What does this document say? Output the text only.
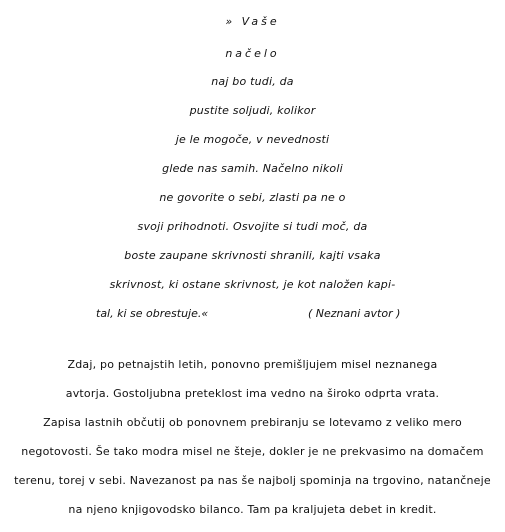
» Vaše
načelo
naj bo tudi, da
pustite soljudi, kolikor
je le mogoče, v nevednosti
glede nas samih. Načelno nikoli
ne govorite o sebi, zlasti pa ne o
svoji prihodnoti. Osvojite si tudi moč, da
boste zaupane skrivnosti shranili, kajti vsaka
skrivnost, ki ostane skrivnost, je kot naložen kapi-
tal, ki se obrestuje.«	( Neznani avtor )
Zdaj, po petnajstih letih, ponovno premišljujem misel neznanega
avtorja. Gostoljubna preteklost ima vedno na široko odprta vrata.
Zapisa lastnih občutij ob ponovnem prebiranju se lotevamo z veliko mero
negotovosti. Še tako modra misel ne šteje, dokler je ne prekvasimo na domačem
terenu, torej v sebi. Navezanost pa nas še najbolj spominja na trgovino, natančneje
na njeno knjigovodsko bilanco. Tam pa kraljujeta debet in kredit.
